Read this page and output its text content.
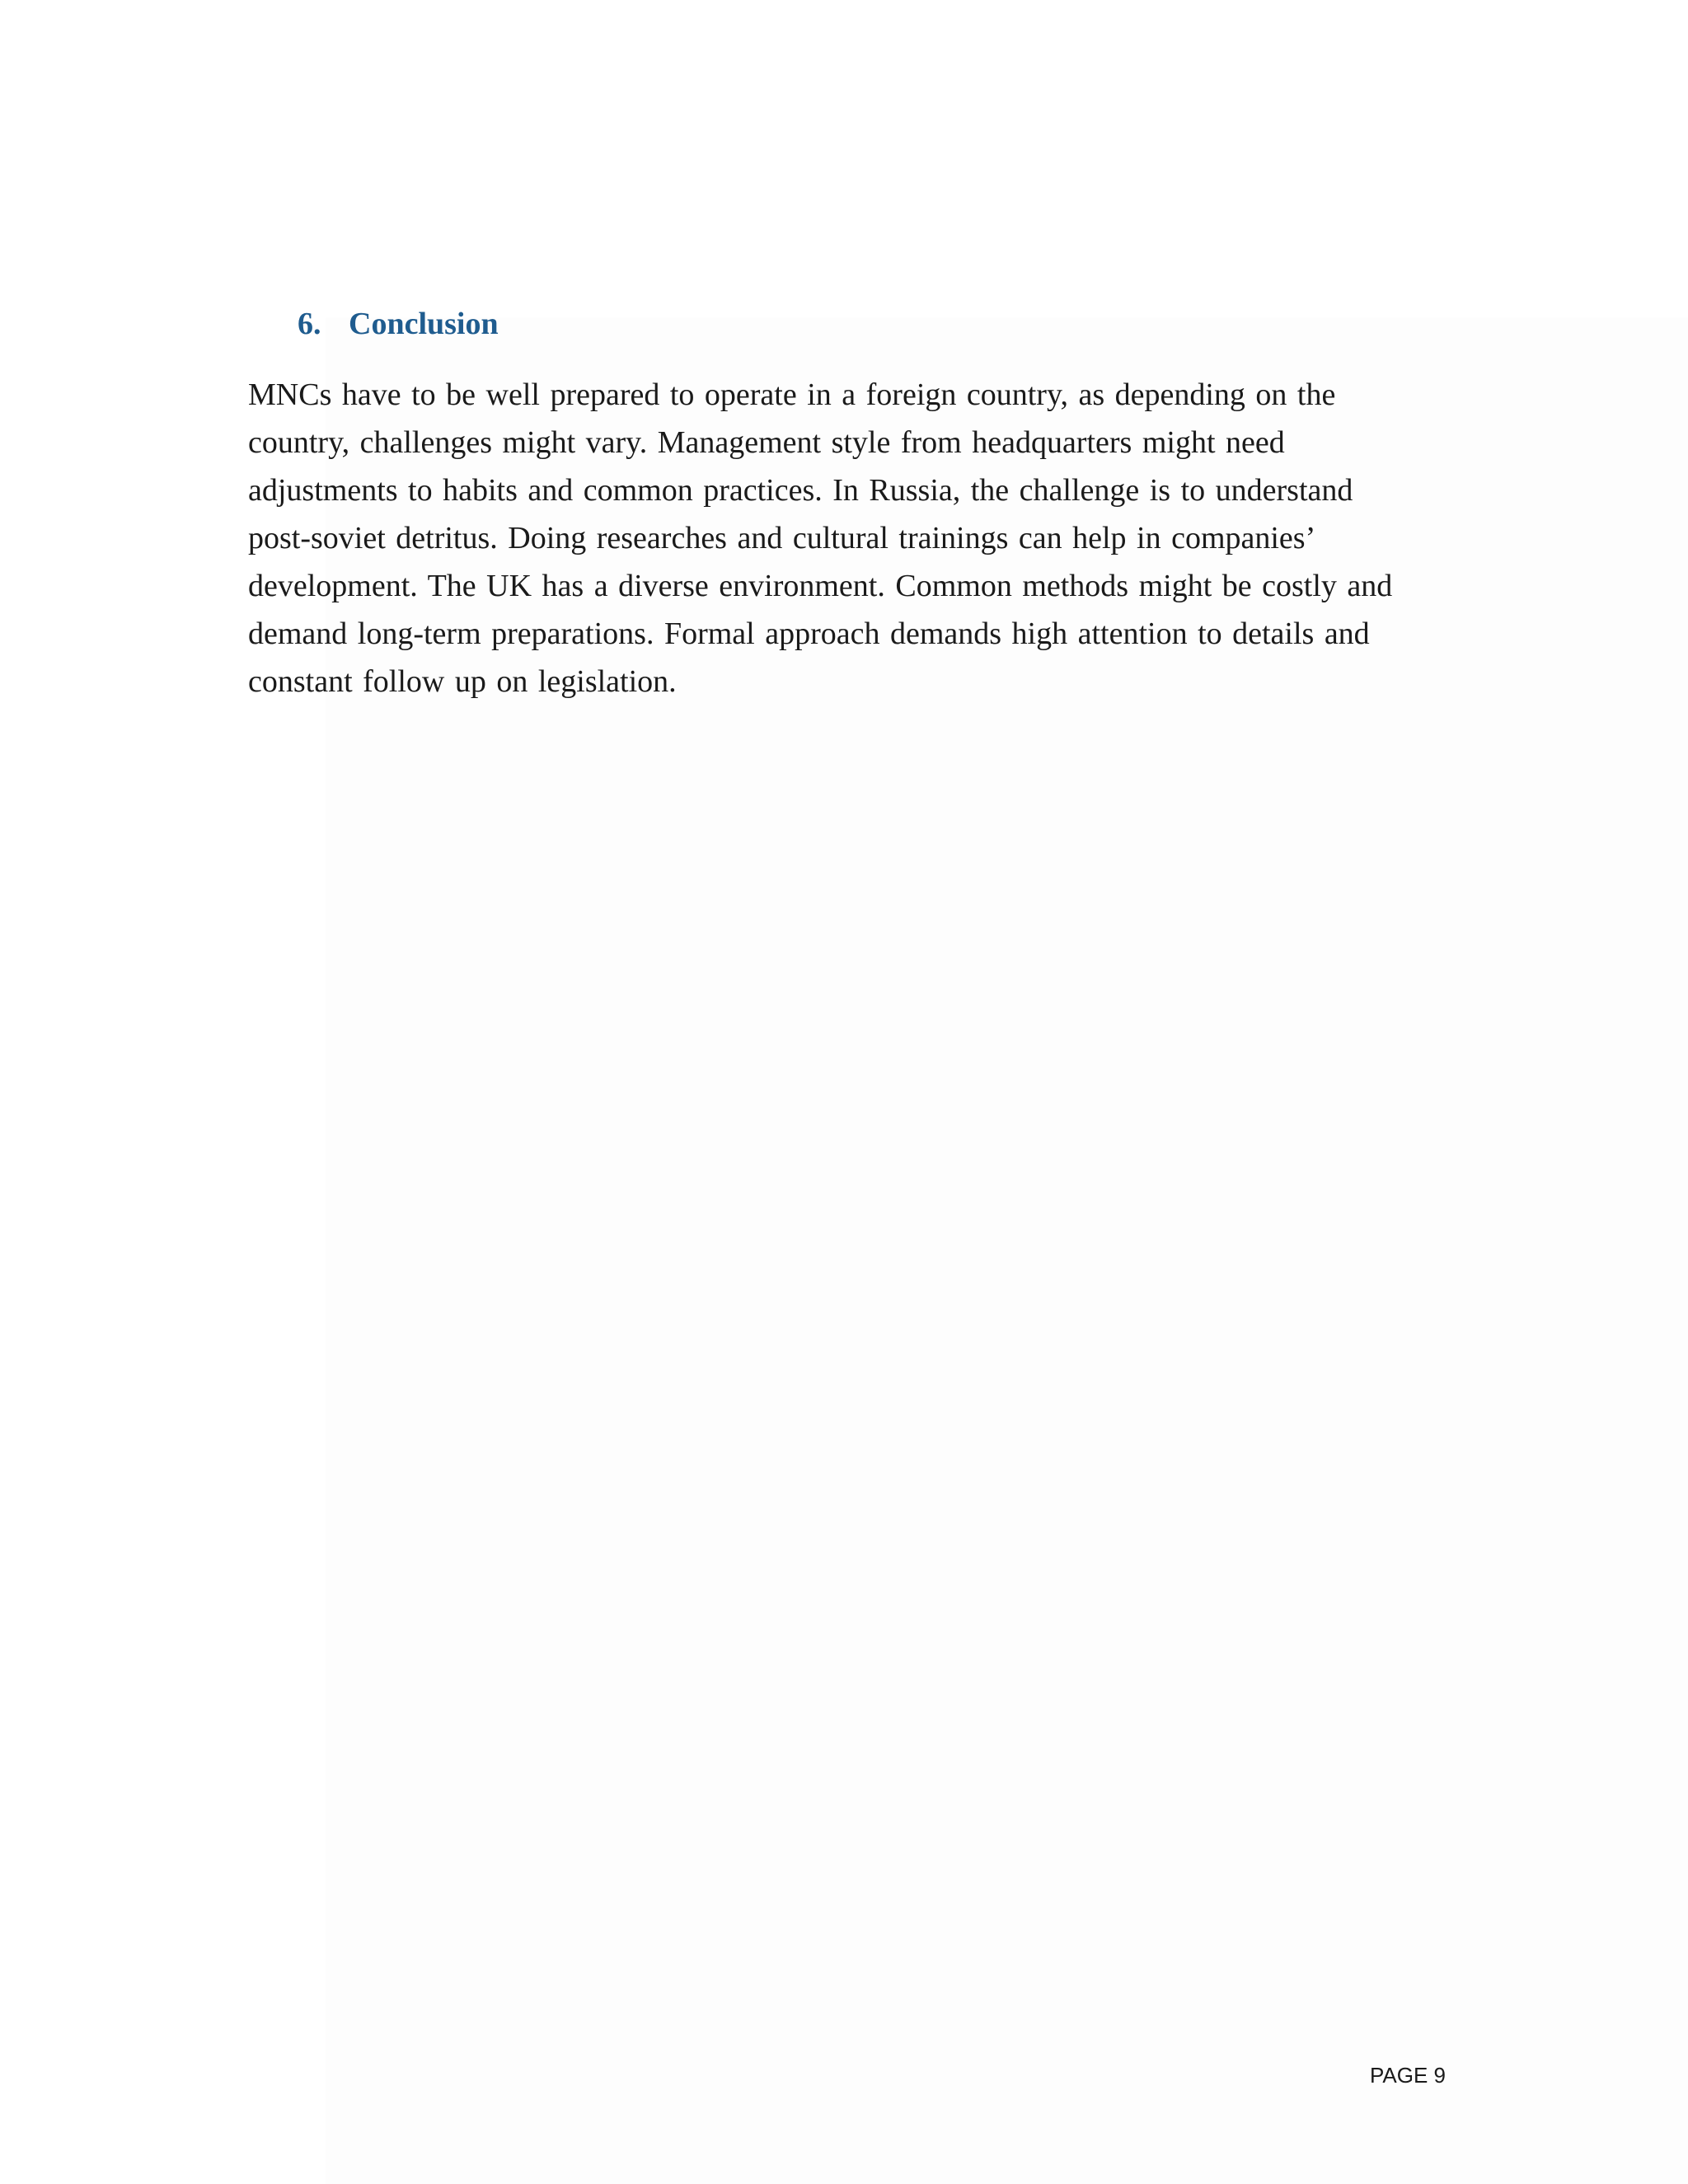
6. Conclusion
MNCs have to be well prepared to operate in a foreign country, as depending on the
country, challenges might vary. Management style from headquarters might need
adjustments to habits and common practices. In Russia, the challenge is to understand
post-soviet detritus. Doing researches and cultural trainings can help in companies’
development. The UK has a diverse environment. Common methods might be costly and
demand long-term preparations. Formal approach demands high attention to details and
constant follow up on legislation.
PAGE 9
